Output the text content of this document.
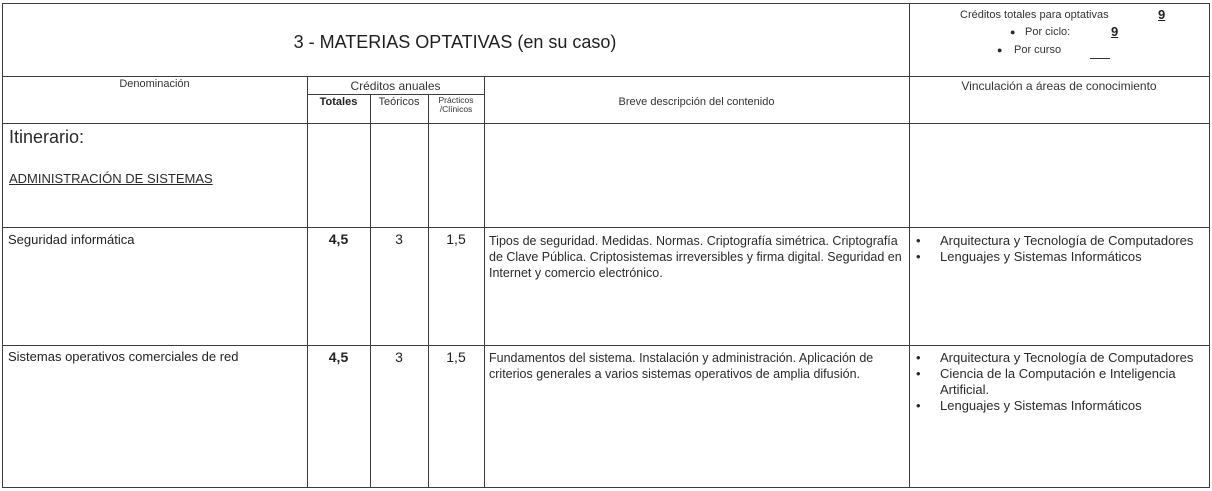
3 - MATERIAS OPTATIVAS (en su caso)
Créditos totales para optativas	9
● Por ciclo:	9
● Por curso
Denominación	Créditos anuales
Totales	Teóricos	Prácticos
/Clínicos
Breve descripción del contenido
Vinculación a áreas de conocimiento
Itinerario:
ADMINISTRACIÓN DE SISTEMAS
Seguridad informática	4,5	3	1,5	Tipos de seguridad. Medidas. Normas. Criptografía simétrica. Criptografía de Clave Pública. Criptosistemas irreversibles y firma digital. Seguridad en Internet y comercio electrónico.
• Arquitectura y Tecnología de Computadores
• Lenguajes y Sistemas Informáticos
Sistemas operativos comerciales de red	4,5	3	1,5	Fundamentos del sistema. Instalación y administración. Aplicación de criterios generales a varios sistemas operativos de amplia difusión.
• Arquitectura y Tecnología de Computadores
• Ciencia de la Computación e Inteligencia Artificial.
• Lenguajes y Sistemas Informáticos
